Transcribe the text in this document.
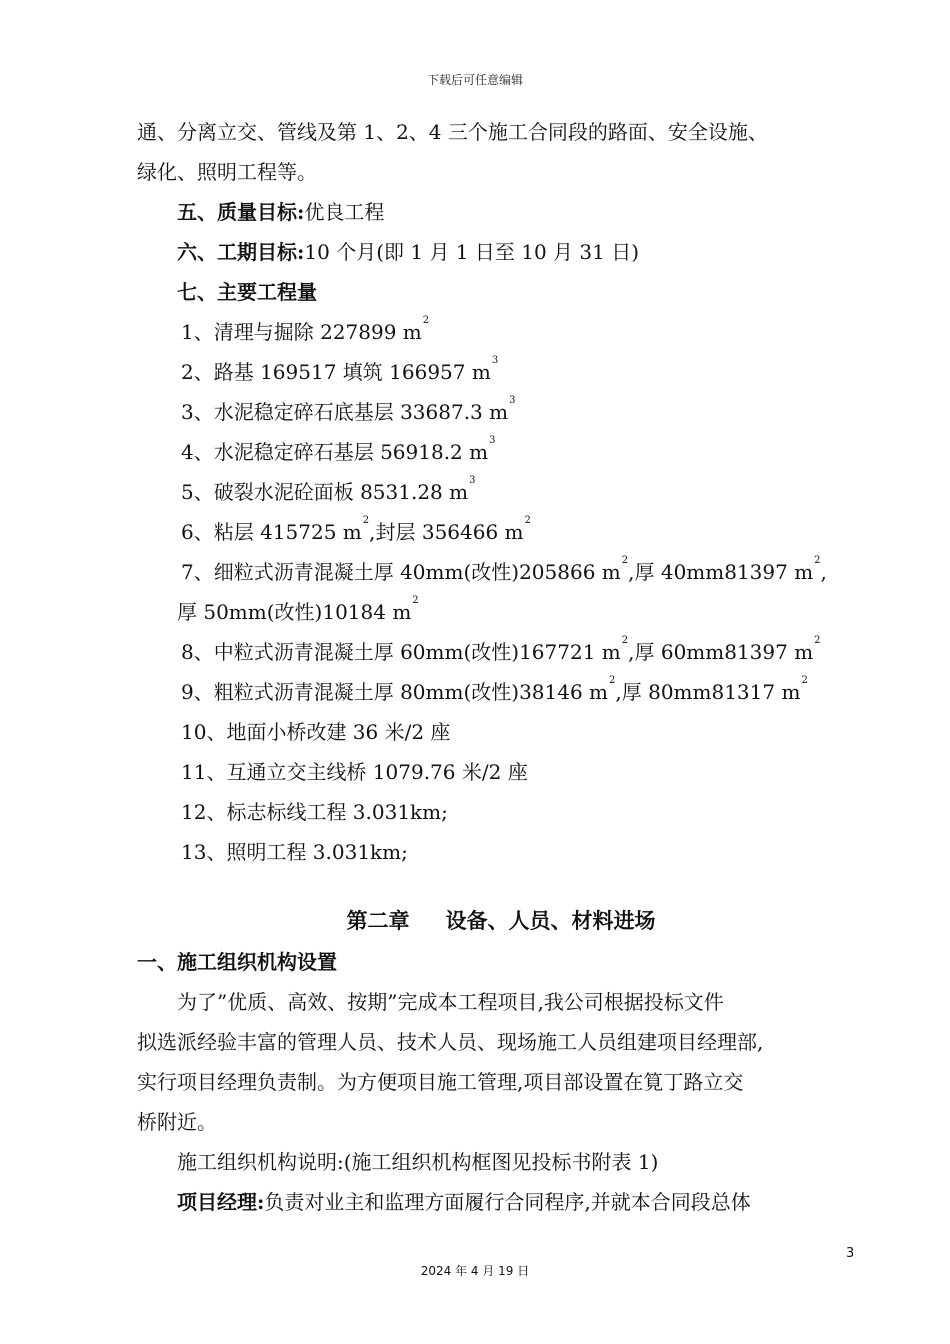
下载后可任意编辑
通、分离立交、管线及第 1、2、4 三个施工合同段的路面、安全设施、
绿化、照明工程等。
五、质量目标:优良工程
六、工期目标:10 个月(即 1 月 1 日至 10 月 31 日)
七、主要工程量
1、清理与掘除 227899 $m^2$
2、路基 169517 填筑 166957 $m^3$
3、水泥稳定碎石底基层 33687.3 $m^3$
4、水泥稳定碎石基层 56918.2 $m^3$
5、破裂水泥砼面板 8531.28 $m^3$
6、粘层 415725 $m^2$,封层 356466 $m^2$
7、细粒式沥青混凝土厚 40mm(改性)205866 $m^2$,厚 40mm81397 $m^2$,
厚 50mm(改性)10184 $m^2$
8、中粒式沥青混凝土厚 60mm(改性)167721 $m^2$,厚 60mm81397 $m^2$
9、粗粒式沥青混凝土厚 80mm(改性)38146 $m^2$,厚 80mm81317 $m^2$
10、地面小桥改建 36 米/2 座
11、互通立交主线桥 1079.76 米/2 座
12、标志标线工程 3.031km;
13、照明工程 3.031km;
第二章 设备、人员、材料进场
一、施工组织机构设置
为了”优质、高效、按期”完成本工程项目,我公司根据投标文件
拟选派经验丰富的管理人员、技术人员、现场施工人员组建项目经理部,
实行项目经理负责制。为方便项目施工管理,项目部设置在筧丁路立交
桥附近。
施工组织机构说明:(施工组织机构框图见投标书附表 1)
项目经理:负责对业主和监理方面履行合同程序,并就本合同段总体
3
2024 年 4 月 19 日
